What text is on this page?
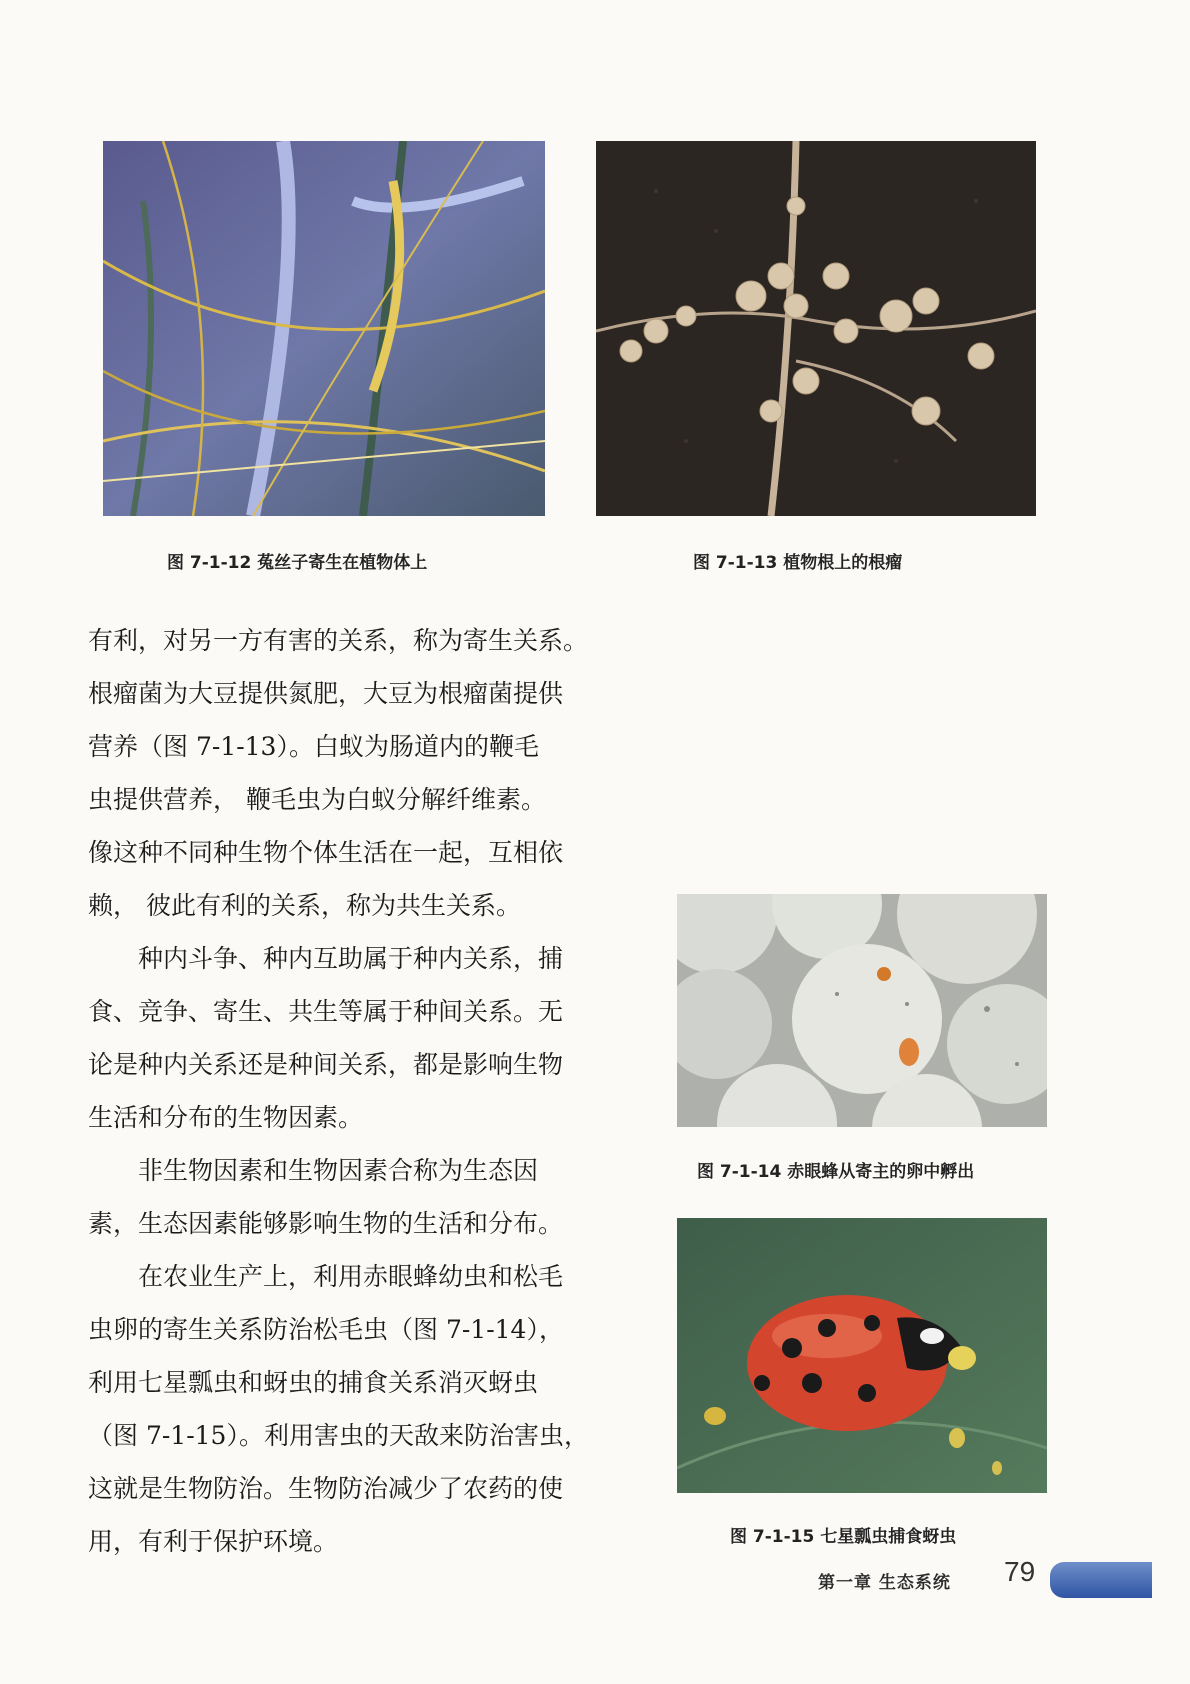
图 7-1-12 菟丝子寄生在植物体上	图 7-1-13 植物根上的根瘤
图 7-1-14 赤眼蜂从寄主的卵中孵出
图 7-1-15 七星瓢虫捕食蚜虫
有利，对另一方有害的关系，称为寄生关系。
根瘤菌为大豆提供氮肥，大豆为根瘤菌提供
营养（图 7-1-13）。白蚁为肠道内的鞭毛
虫提供营养， 鞭毛虫为白蚁分解纤维素。
像这种不同种生物个体生活在一起，互相依
赖， 彼此有利的关系，称为共生关系。
种内斗争、种内互助属于种内关系，捕
食、竞争、寄生、共生等属于种间关系。无
论是种内关系还是种间关系，都是影响生物
生活和分布的生物因素。
非生物因素和生物因素合称为生态因
素，生态因素能够影响生物的生活和分布。
在农业生产上，利用赤眼蜂幼虫和松毛
虫卵的寄生关系防治松毛虫（图 7-1-14），
利用七星瓢虫和蚜虫的捕食关系消灭蚜虫
（图 7-1-15）。利用害虫的天敌来防治害虫，
这就是生物防治。生物防治减少了农药的使
用，有利于保护环境。
第一章 生态系统 79
